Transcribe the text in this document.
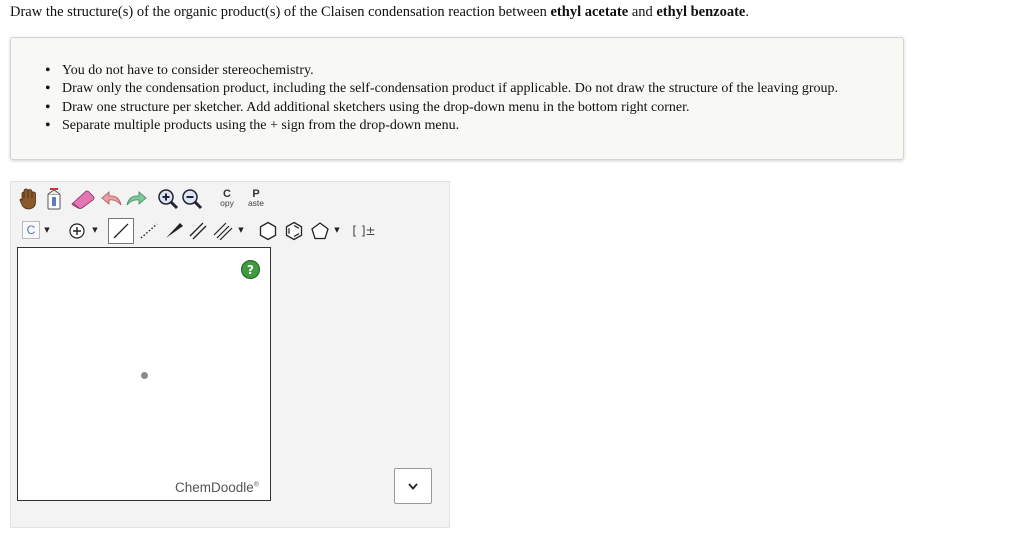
Draw the structure(s) of the organic product(s) of the Claisen condensation reaction between ethyl acetate and ethyl benzoate.
• You do not have to consider stereochemistry.
• Draw only the condensation product, including the self-condensation product if applicable. Do not draw the structure of the leaving group.
• Draw one structure per sketcher. Add additional sketchers using the drop-down menu in the bottom right corner.
• Separate multiple products using the + sign from the drop-down menu.
C
opy
P
aste
C	▼	▼	▼	▼ [ ]±
?
ChemDoodle®
